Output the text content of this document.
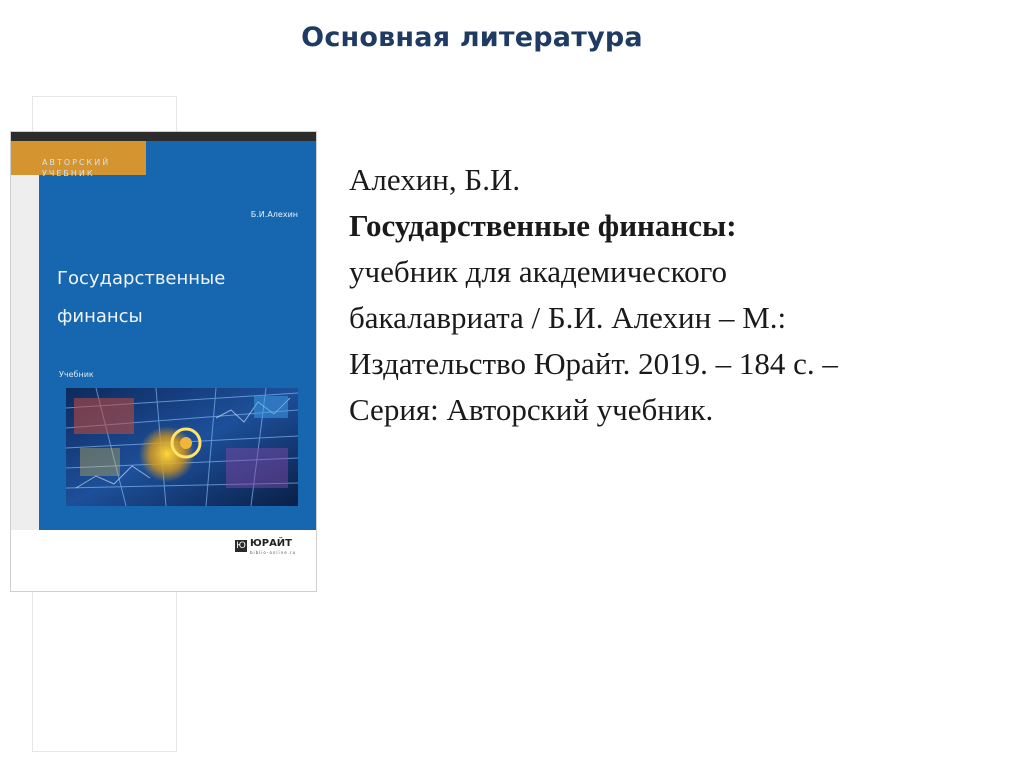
Основная литература
АВТОРСКИЙ
УЧЕБНИК
Б.И.Алехин
Государственные
финансы
Учебник
Ю ЮРАЙТ
biblio-online.ru
Алехин, Б.И.
Государственные финансы:
учебник для академического
бакалавриата / Б.И. Алехин – М.:
Издательство Юрайт. 2019. – 184 с. –
Серия: Авторский учебник.
